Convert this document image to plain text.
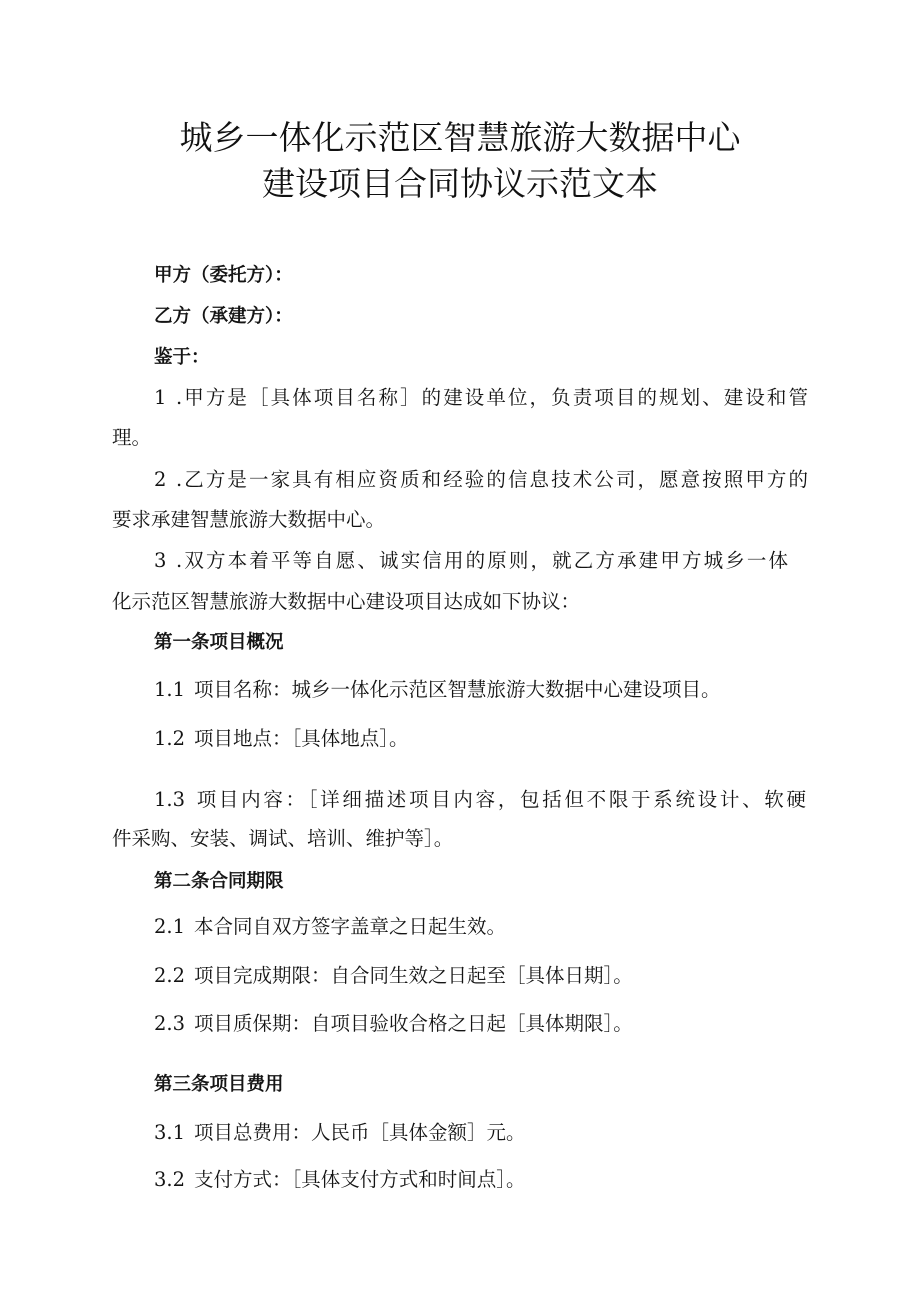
城乡一体化示范区智慧旅游大数据中心
建设项目合同协议示范文本
甲方（委托方）：
乙方（承建方）：
鉴于：
1 .甲方是［具体项目名称］的建设单位，负责项目的规划、建设和管
理。
2 .乙方是一家具有相应资质和经验的信息技术公司，愿意按照甲方的
要求承建智慧旅游大数据中心。
3 .双方本着平等自愿、诚实信用的原则，就乙方承建甲方城乡一体
化示范区智慧旅游大数据中心建设项目达成如下协议：
第一条项目概况
1.1 项目名称：城乡一体化示范区智慧旅游大数据中心建设项目。
1.2 项目地点：［具体地点］。
1.3 项目内容：［详细描述项目内容，包括但不限于系统设计、软硬
件采购、安装、调试、培训、维护等］。
第二条合同期限
2.1 本合同自双方签字盖章之日起生效。
2.2 项目完成期限：自合同生效之日起至［具体日期］。
2.3 项目质保期：自项目验收合格之日起［具体期限］。
第三条项目费用
3.1 项目总费用：人民币［具体金额］元。
3.2 支付方式：［具体支付方式和时间点］。
